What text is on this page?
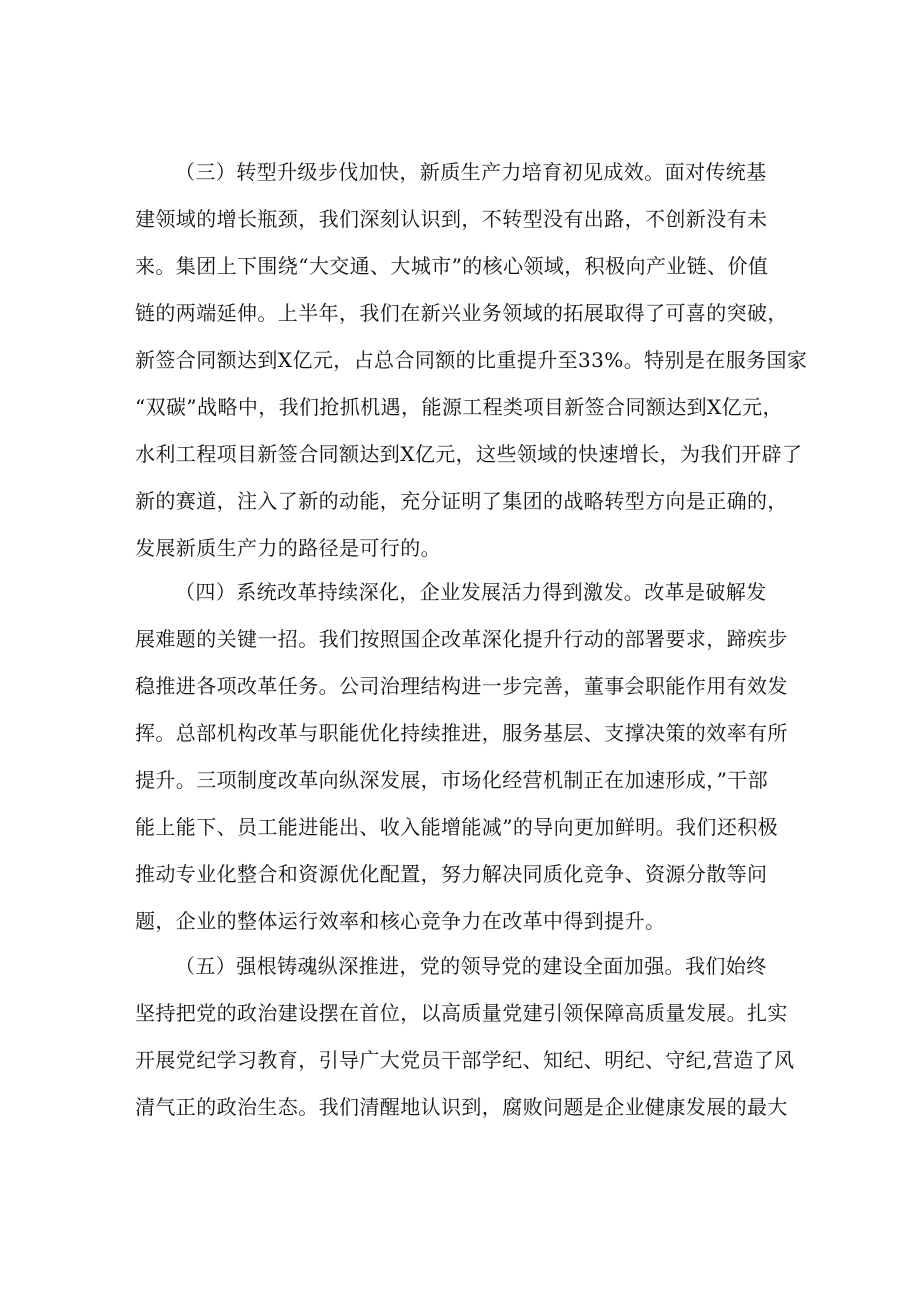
（三）转型升级步伐加快，新质生产力培育初见成效。面对传统基
建领域的增长瓶颈，我们深刻认识到，不转型没有出路，不创新没有未
来。集团上下围绕“大交通、大城市”的核心领域，积极向产业链、价值
链的两端延伸。上半年，我们在新兴业务领域的拓展取得了可喜的突破，
新签合同额达到X亿元，占总合同额的比重提升至33%。特别是在服务国家
“双碳”战略中，我们抢抓机遇，能源工程类项目新签合同额达到X亿元，
水利工程项目新签合同额达到X亿元，这些领域的快速增长，为我们开辟了
新的赛道，注入了新的动能，充分证明了集团的战略转型方向是正确的，
发展新质生产力的路径是可行的。
（四）系统改革持续深化，企业发展活力得到激发。改革是破解发
展难题的关键一招。我们按照国企改革深化提升行动的部署要求，蹄疾步
稳推进各项改革任务。公司治理结构进一步完善，董事会职能作用有效发
挥。总部机构改革与职能优化持续推进，服务基层、支撑决策的效率有所
提升。三项制度改革向纵深发展，市场化经营机制正在加速形成，”干部
能上能下、员工能进能出、收入能增能减”的导向更加鲜明。我们还积极
推动专业化整合和资源优化配置，努力解决同质化竞争、资源分散等问
题，企业的整体运行效率和核心竞争力在改革中得到提升。
（五）强根铸魂纵深推进，党的领导党的建设全面加强。我们始终
坚持把党的政治建设摆在首位，以高质量党建引领保障高质量发展。扎实
开展党纪学习教育，引导广大党员干部学纪、知纪、明纪、守纪,营造了风
清气正的政治生态。我们清醒地认识到，腐败问题是企业健康发展的最大
